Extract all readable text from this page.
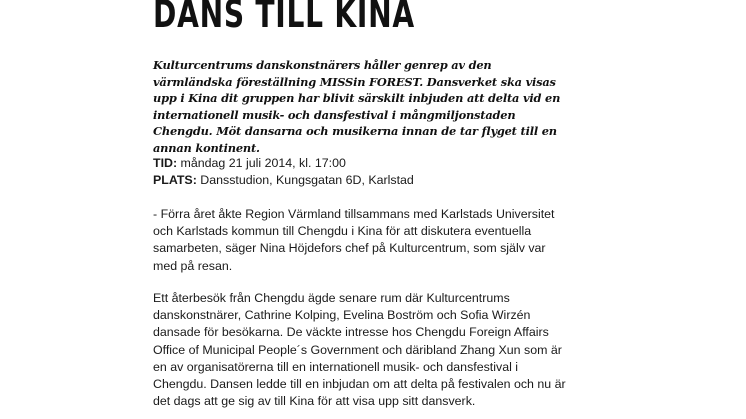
DANS TILL KINA

Kulturcentrums danskonstnärers håller genrep av den värmländska föreställning MISSin FOREST. Dansverket ska visas upp i Kina dit gruppen har blivit särskilt inbjuden att delta vid en internationell musik- och dansfestival i mångmiljonstaden Chengdu. Möt dansarna och musikerna innan de tar flyget till en annan kontinent.

TID: måndag 21 juli 2014, kl. 17:00
PLATS: Dansstudion, Kungsgatan 6D, Karlstad

- Förra året åkte Region Värmland tillsammans med Karlstads Universitet och Karlstads kommun till Chengdu i Kina för att diskutera eventuella samarbeten, säger Nina Höjdefors chef på Kulturcentrum, som själv var med på resan.

Ett återbesök från Chengdu ägde senare rum där Kulturcentrums danskonstnärer, Cathrine Kolping, Evelina Boström och Sofia Wirzén dansade för besökarna. De väckte intresse hos Chengdu Foreign Affairs Office of Municipal People´s Government och däribland Zhang Xun som är en av organisatörerna till en internationell musik- och dansfestival i Chengdu. Dansen ledde till en inbjudan om att delta på festivalen och nu är det dags att ge sig av till Kina för att visa upp sitt dansverk.
